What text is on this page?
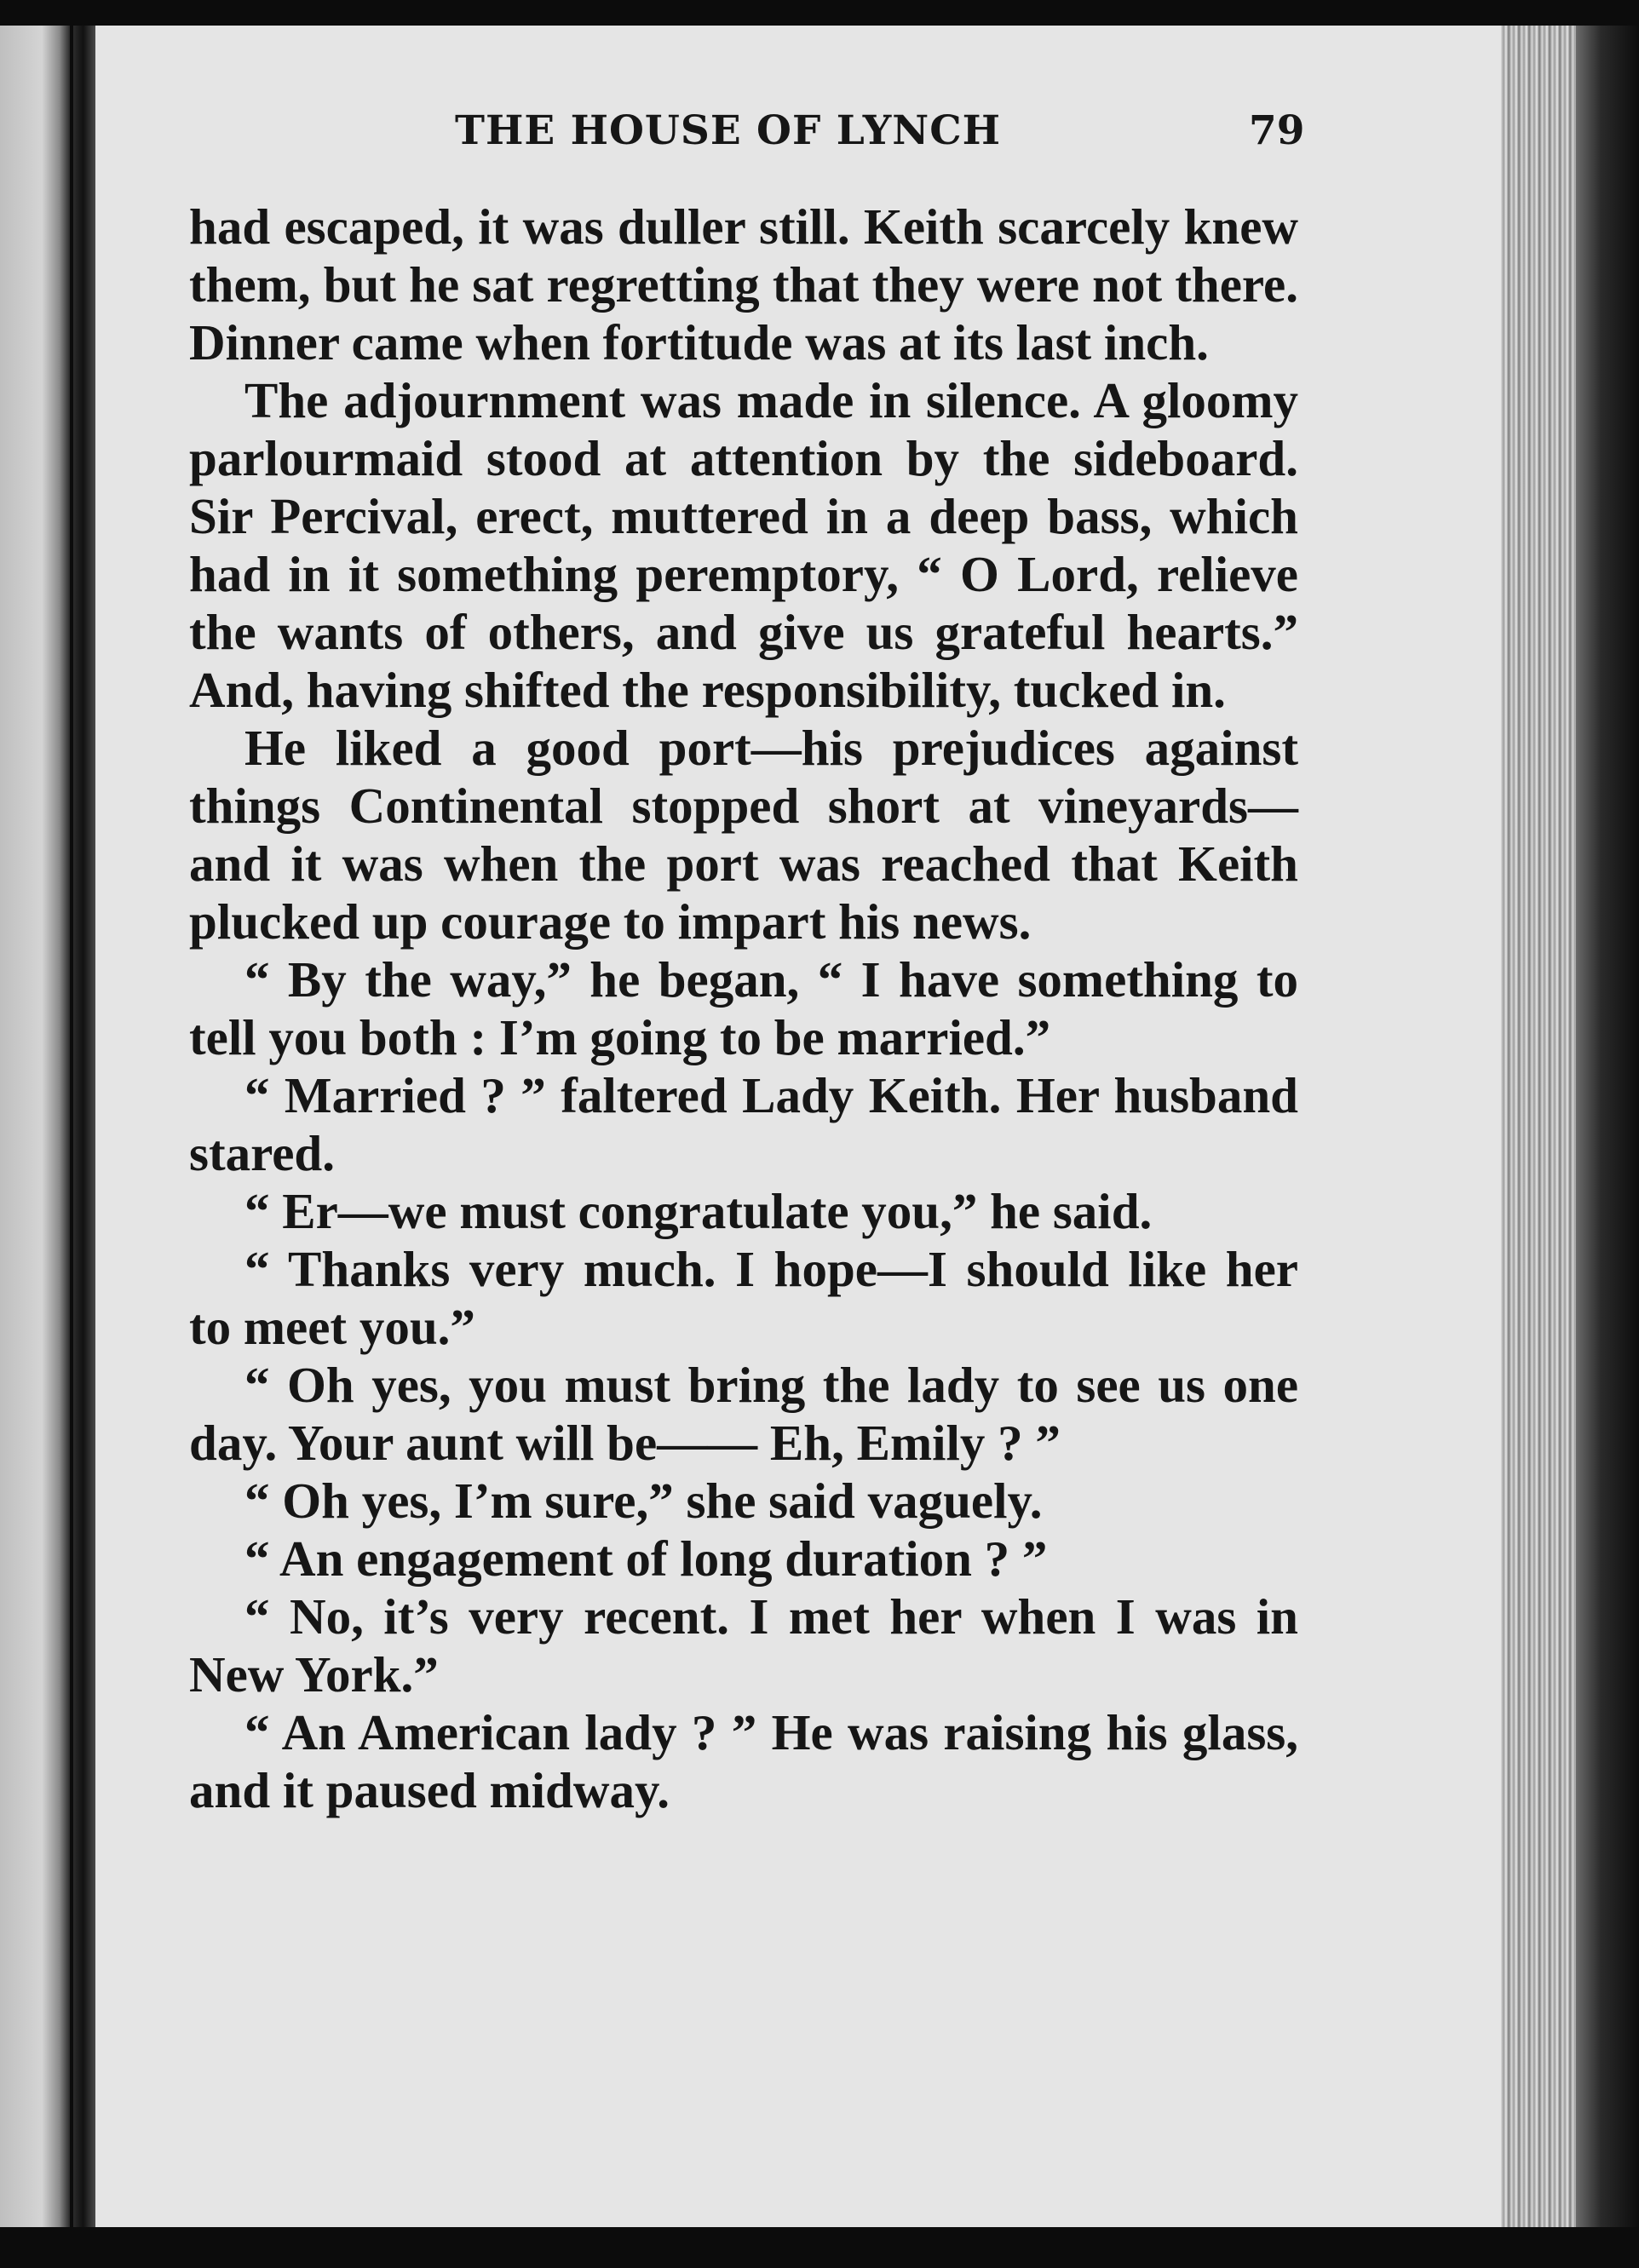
THE HOUSE OF LYNCH	79

had escaped, it was duller still. Keith scarcely knew them, but he sat regretting that they were not there. Dinner came when fortitude was at its last inch.

The adjournment was made in silence. A gloomy parlourmaid stood at attention by the sideboard. Sir Percival, erect, muttered in a deep bass, which had in it something peremptory, “ O Lord, relieve the wants of others, and give us grateful hearts.” And, having shifted the responsibility, tucked in.

He liked a good port—his prejudices against things Continental stopped short at vineyards—and it was when the port was reached that Keith plucked up courage to impart his news.

“ By the way,” he began, “ I have something to tell you both : I’m going to be married.”

“ Married ? ” faltered Lady Keith. Her husband stared.

“ Er—we must congratulate you,” he said.

“ Thanks very much. I hope—I should like her to meet you.”

“ Oh yes, you must bring the lady to see us one day. Your aunt will be—— Eh, Emily ? ”

“ Oh yes, I’m sure,” she said vaguely.

“ An engagement of long duration ? ”

“ No, it’s very recent. I met her when I was in New York.”

“ An American lady ? ” He was raising his glass, and it paused midway.
